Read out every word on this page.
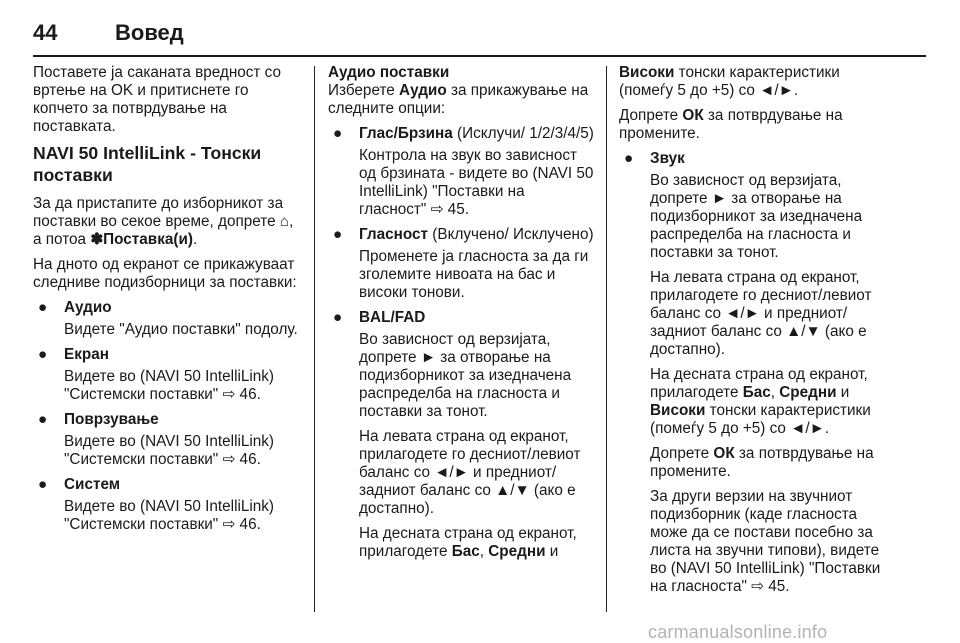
44	Вовед

Поставете ја саканата вредност со вртење на OK и притиснете го копчето за потврдување на поставката.

NAVI 50 IntelliLink - Тонски поставки

За да пристапите до изборникот за поставки во секое време, допрете ⌂, а потоа ✽Поставка(и).

На дното од екранот се прикажуваат следниве подизборници за поставки:

● Аудио

Видете "Аудио поставки" подолу.

● Екран

Видете во (NAVI 50 IntelliLink) "Системски поставки" ⇨ 46.

● Поврзување

Видете во (NAVI 50 IntelliLink) "Системски поставки" ⇨ 46.

● Систем

Видете во (NAVI 50 IntelliLink) "Системски поставки" ⇨ 46.

Аудио поставки

Изберете Аудио за прикажување на следните опции:

● Глас/Брзина (Исклучи/ 1/2/3/4/5)

Контрола на звук во зависност од брзината - видете во (NAVI 50 IntelliLink) "Поставки на гласност" ⇨ 45.

● Гласност (Вклучено/ Исклучено)

Променете ја гласноста за да ги зголемите нивоата на бас и високи тонови.

● BAL/FAD

Во зависност од верзијата, допрете ► за отворање на подизборникот за изедначена распределба на гласноста и поставки за тонот.

На левата страна од екранот, прилагодете го десниот/левиот баланс со ◄/► и предниот/ задниот баланс со ▲/▼ (ако е достапно).

На десната страна од екранот, прилагодете Бас, Средни и

Високи тонски карактеристики (помеѓу 5 до +5) со ◄/►.

Допрете ОК за потврдување на промените.

● Звук

Во зависност од верзијата, допрете ► за отворање на подизборникот за изедначена распределба на гласноста и поставки за тонот.

На левата страна од екранот, прилагодете го десниот/левиот баланс со ◄/► и предниот/ задниот баланс со ▲/▼ (ако е достапно).

На десната страна од екранот, прилагодете Бас, Средни и Високи тонски карактеристики (помеѓу 5 до +5) со ◄/►.

Допрете ОК за потврдување на промените.

За други верзии на звучниот подизборник (каде гласноста може да се постави посебно за листа на звучни типови), видете во (NAVI 50 IntelliLink) "Поставки на гласноста" ⇨ 45.

carmanualsonline.info
